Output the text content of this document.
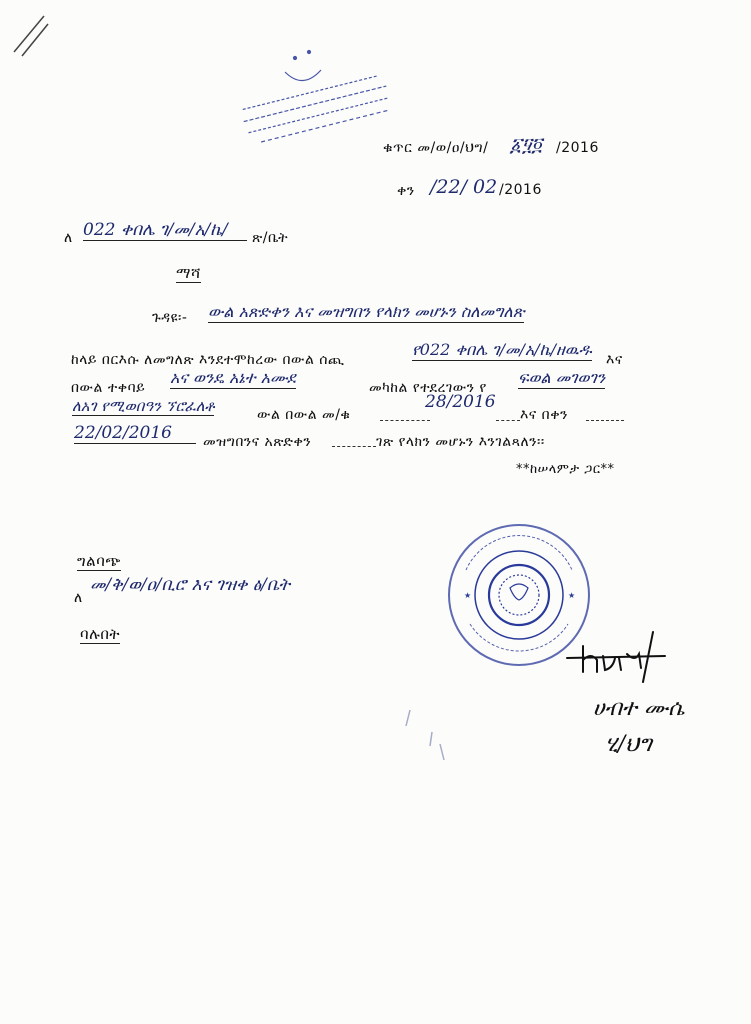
ቁጥር መ/ወ/ዐ/ህግ/ ፩፶፬ /2016
ቀን /22/ 02 /2016
ለ 022 ቀበሌ ገ/መ/አ/ኬ/	ጽ/ቤት
ማሻ
ጉዳዩ፡- ውል አጽድቀን እና መዝግበን የላክን መሆኑን ስለመግለጽ
ከላይ በርእሱ ለመግለጽ እንደተሞከረው በውል ሰጪ
የ022 ቀበሌ ገ/መ/አ/ኬ/ዘዉዱ
እና
በውል ተቀባይ
አና ወንዴ አኔተ አሙደ
መካከል የተደረገውን የ
ፍወል መገወገን
ለአገ የሚወበዓን ኘሮፈለቶ	ውል በውል መ/ቁ
28/2016
እና በቀን
22/02/2016	መዝግበንና አጽድቀን	ገጽ የላክን መሆኑን እንገልጻለን፡፡
**ከሠላምታ ጋር**
ግልባጭ
ለ
መ/ቅ/ወ/ዐ/ቢሮ እና ገዝቀ ፅ/ቤት
ባሉበት
★	★
ሀብተ ሙሴ
ሂ/ህግ
